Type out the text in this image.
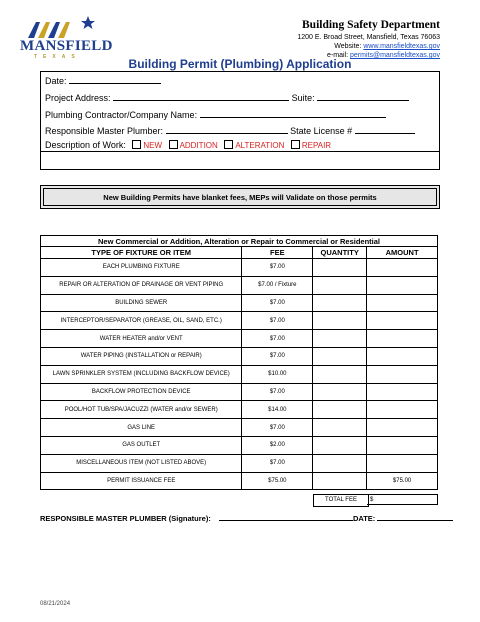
MANSFIELD
TEXAS
Building Safety Department
1200 E. Broad Street, Mansfield, Texas 76063
Website: www.mansfieldtexas.gov
e-mail: permits@mansfieldtexas.gov
Building Permit (Plumbing) Application
Date:
Project Address:	Suite:
Plumbing Contractor/Company Name:
Responsible Master Plumber:	State License #
Description of Work: NEW ADDITION ALTERATION REPAIR
New Building Permits have blanket fees, MEPs will Validate on those permits
New Commercial or Addition, Alteration or Repair to Commercial or Residential			
TYPE OF FIXTURE OR ITEM	FEE	QUANTITY	AMOUNT
EACH PLUMBING FIXTURE	$7.00		
REPAIR OR ALTERATION OF DRAINAGE OR VENT PIPING	$7.00 / Fixture		
BUILDING SEWER	$7.00		
INTERCEPTOR/SEPARATOR (GREASE, OIL, SAND, ETC.)	$7.00		
WATER HEATER and/or VENT	$7.00		
WATER PIPING (INSTALLATION or REPAIR)	$7.00		
LAWN SPRINKLER SYSTEM (INCLUDING BACKFLOW DEVICE)	$10.00		
BACKFLOW PROTECTION DEVICE	$7.00		
POOL/HOT TUB/SPA/JACUZZI (WATER and/or SEWER)	$14.00		
GAS LINE	$7.00		
GAS OUTLET	$2.00		
MISCELLANEOUS ITEM (NOT LISTED ABOVE)	$7.00		
PERMIT ISSUANCE FEE	$75.00		$75.00
TOTAL FEE	$
RESPONSIBLE MASTER PLUMBER (Signature):	DATE:
08/21/2024
